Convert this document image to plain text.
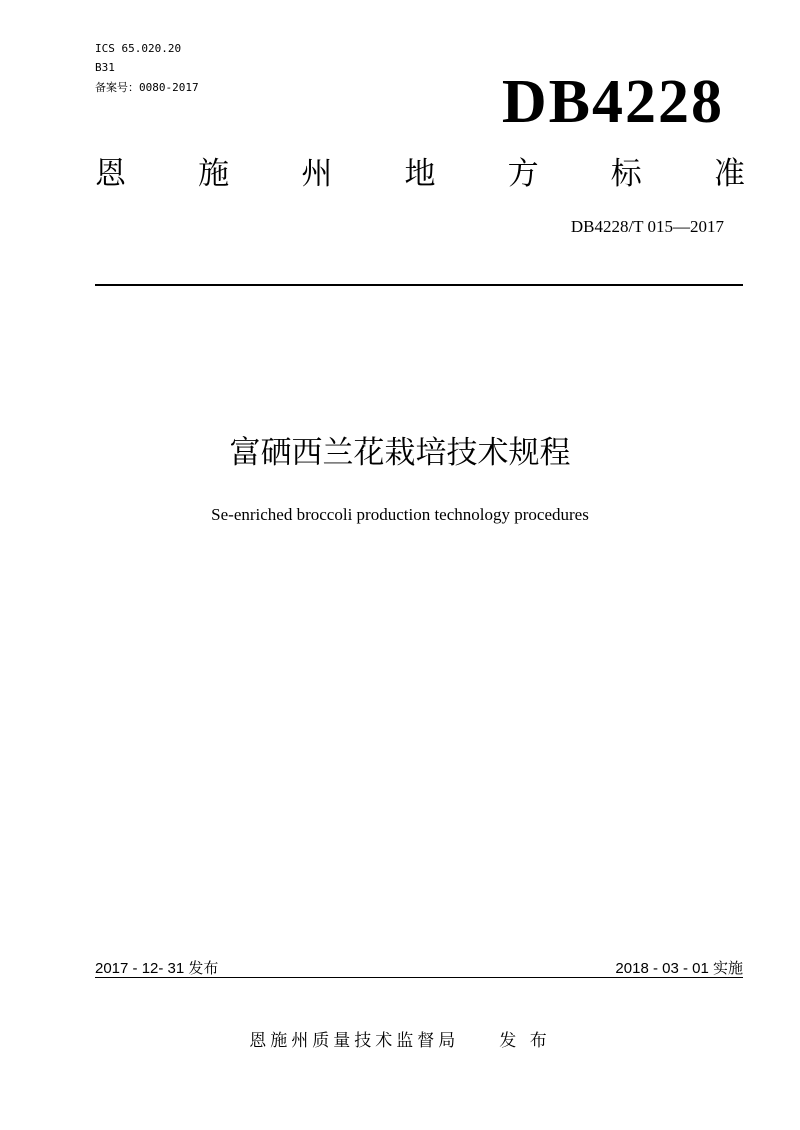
ICS 65.020.20
B31
备案号：0080-2017	DB4228
恩 施 州 地 方 标 准
DB4228/T 015—2017
富硒西兰花栽培技术规程
Se-enriched broccoli production technology procedures
2017 - 12- 31 发布	2018 - 03 - 01 实施
恩施州质量技术监督局 发 布
